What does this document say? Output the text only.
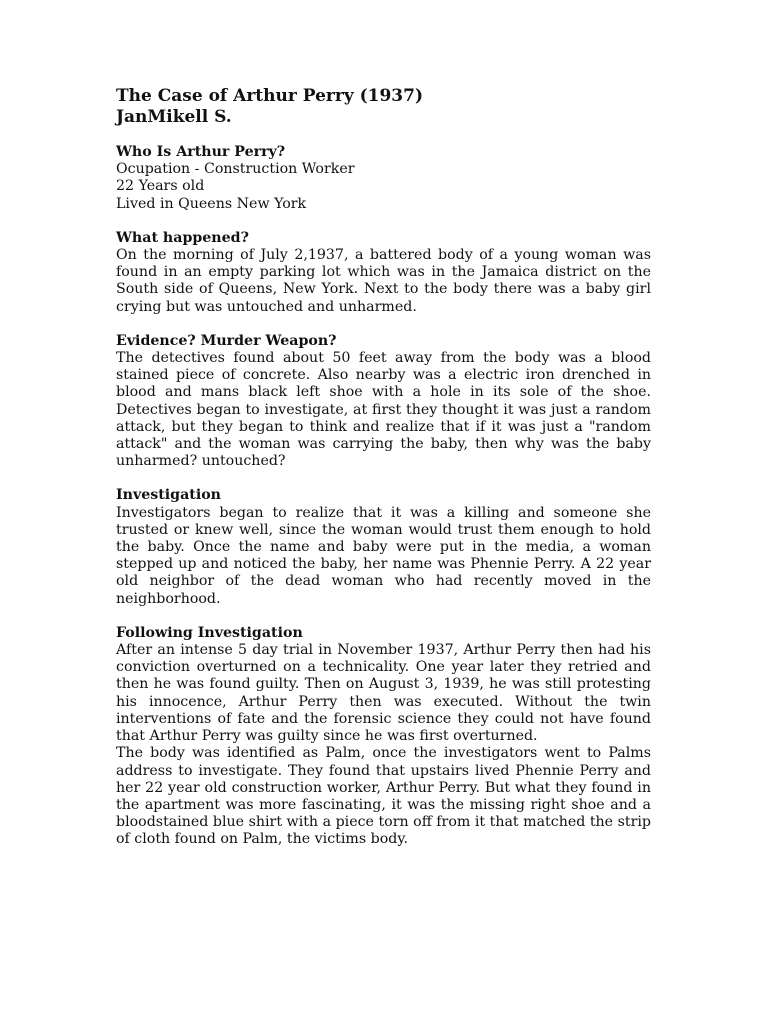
The Case of Arthur Perry (1937)

JanMikell S.

Who Is Arthur Perry?

Ocupation - Construction Worker

22 Years old

Lived in Queens New York

What happened?

On the morning of July 2,1937, a battered body of a young woman was found in an empty parking lot which was in the Jamaica district on the South side of Queens, New York. Next to the body there was a baby girl crying but was untouched and unharmed.

Evidence? Murder Weapon?

The detectives found about 50 feet away from the body was a blood stained piece of concrete. Also nearby was a electric iron drenched in blood and mans black left shoe with a hole in its sole of the shoe. Detectives began to investigate, at first they thought it was just a random attack, but they began to think and realize that if it was just a "random attack" and the woman was carrying the baby, then why was the baby unharmed? untouched?

Investigation

Investigators began to realize that it was a killing and someone she trusted or knew well, since the woman would trust them enough to hold the baby. Once the name and baby were put in the media, a woman stepped up and noticed the baby, her name was Phennie Perry. A 22 year old neighbor of the dead woman who had recently moved in the neighborhood.

Following Investigation

After an intense 5 day trial in November 1937, Arthur Perry then had his conviction overturned on a technicality. One year later they retried and then he was found guilty. Then on August 3, 1939, he was still protesting his innocence, Arthur Perry then was executed. Without the twin interventions of fate and the forensic science they could not have found that Arthur Perry was guilty since he was first overturned.

The body was identified as Palm, once the investigators went to Palms address to investigate. They found that upstairs lived Phennie Perry and her 22 year old construction worker, Arthur Perry. But what they found in the apartment was more fascinating, it was the missing right shoe and a bloodstained blue shirt with a piece torn off from it that matched the strip of cloth found on Palm, the victims body.
